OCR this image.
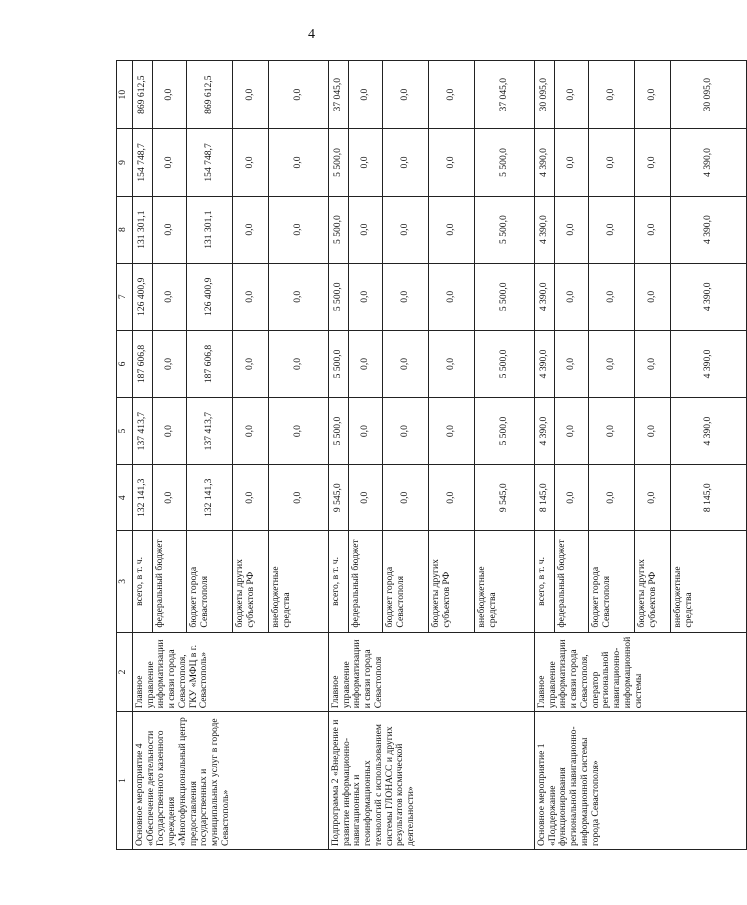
4
1	2	3	4	5	6	7	8	9	10
Основное мероприятие 4 «Обеспечение деятельности Государственного казенного учреждения «Многофункциональный центр предоставления государственных и муниципальных услуг в городе Севастополь»	Главное управление информатизации и связи города Севастополя, ГКУ «МФЦ в г. Севастополь»	всего, в т. ч.	132 141,3	137 413,7	187 606,8	126 400,9	131 301,1	154 748,7	869 612,5
		федеральный бюджет	0,0	0,0	0,0	0,0	0,0	0,0	0,0
		бюджет города Севастополя	132 141,3	137 413,7	187 606,8	126 400,9	131 301,1	154 748,7	869 612,5
		бюджеты других субъектов РФ	0,0	0,0	0,0	0,0	0,0	0,0	0,0
		внебюджетные средства	0,0	0,0	0,0	0,0	0,0	0,0	0,0
Подпрограмма 2 «Внедрение и развитие информационно-навигационных и геоинформационных технологий с использованием системы ГЛОНАСС и других результатов космической деятельности»	Главное управление информатизации и связи города Севастополя	всего, в т. ч.	9 545,0	5 500,0	5 500,0	5 500,0	5 500,0	5 500,0	37 045,0
		федеральный бюджет	0,0	0,0	0,0	0,0	0,0	0,0	0,0
		бюджет города Севастополя	0,0	0,0	0,0	0,0	0,0	0,0	0,0
		бюджеты других субъектов РФ	0,0	0,0	0,0	0,0	0,0	0,0	0,0
		внебюджетные средства	9 545,0	5 500,0	5 500,0	5 500,0	5 500,0	5 500,0	37 045,0
Основное мероприятие 1 «Поддержание функционирования региональной навигационно-информационной системы города Севастополя»	Главное управление информатизации и связи города Севастополя, оператор региональной навигационно-информационной системы	всего, в т. ч.	8 145,0	4 390,0	4 390,0	4 390,0	4 390,0	4 390,0	30 095,0
		федеральный бюджет	0,0	0,0	0,0	0,0	0,0	0,0	0,0
		бюджет города Севастополя	0,0	0,0	0,0	0,0	0,0	0,0	0,0
		бюджеты других субъектов РФ	0,0	0,0	0,0	0,0	0,0	0,0	0,0
		внебюджетные средства	8 145,0	4 390,0	4 390,0	4 390,0	4 390,0	4 390,0	30 095,0
